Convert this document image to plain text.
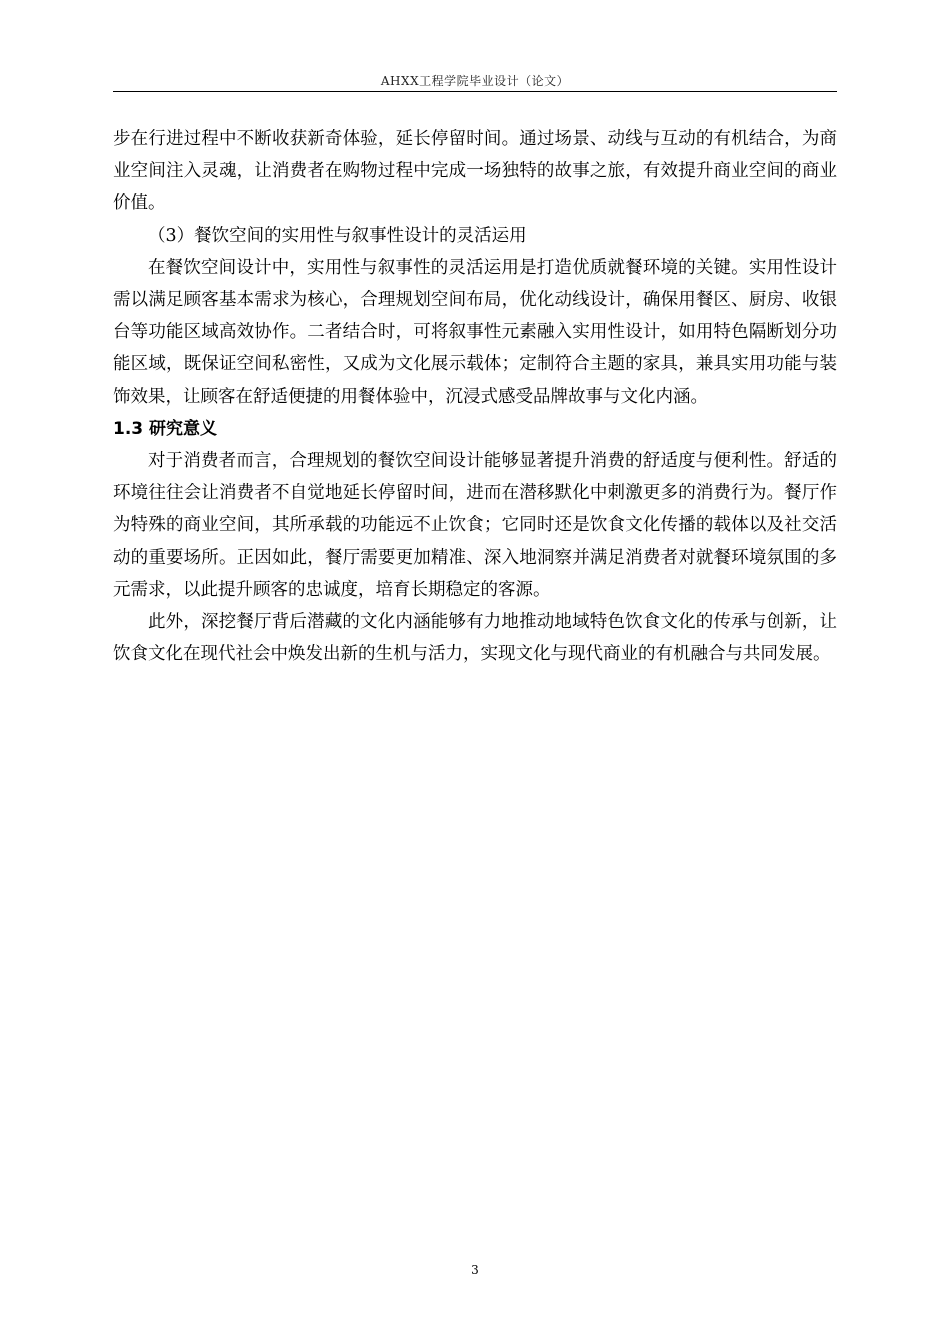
AHXX工程学院毕业设计（论文）

步在行进过程中不断收获新奇体验，延长停留时间。通过场景、动线与互动的有机结合，为商业空间注入灵魂，让消费者在购物过程中完成一场独特的故事之旅，有效提升商业空间的商业价值。

（3）餐饮空间的实用性与叙事性设计的灵活运用

在餐饮空间设计中，实用性与叙事性的灵活运用是打造优质就餐环境的关键。实用性设计需以满足顾客基本需求为核心，合理规划空间布局，优化动线设计，确保用餐区、厨房、收银台等功能区域高效协作。二者结合时，可将叙事性元素融入实用性设计，如用特色隔断划分功能区域，既保证空间私密性，又成为文化展示载体；定制符合主题的家具，兼具实用功能与装饰效果，让顾客在舒适便捷的用餐体验中，沉浸式感受品牌故事与文化内涵。

1.3 研究意义

对于消费者而言，合理规划的餐饮空间设计能够显著提升消费的舒适度与便利性。舒适的环境往往会让消费者不自觉地延长停留时间，进而在潜移默化中刺激更多的消费行为。餐厅作为特殊的商业空间，其所承载的功能远不止饮食；它同时还是饮食文化传播的载体以及社交活动的重要场所。正因如此，餐厅需要更加精准、深入地洞察并满足消费者对就餐环境氛围的多元需求，以此提升顾客的忠诚度，培育长期稳定的客源。

此外，深挖餐厅背后潜藏的文化内涵能够有力地推动地域特色饮食文化的传承与创新，让饮食文化在现代社会中焕发出新的生机与活力，实现文化与现代商业的有机融合与共同发展。

3
